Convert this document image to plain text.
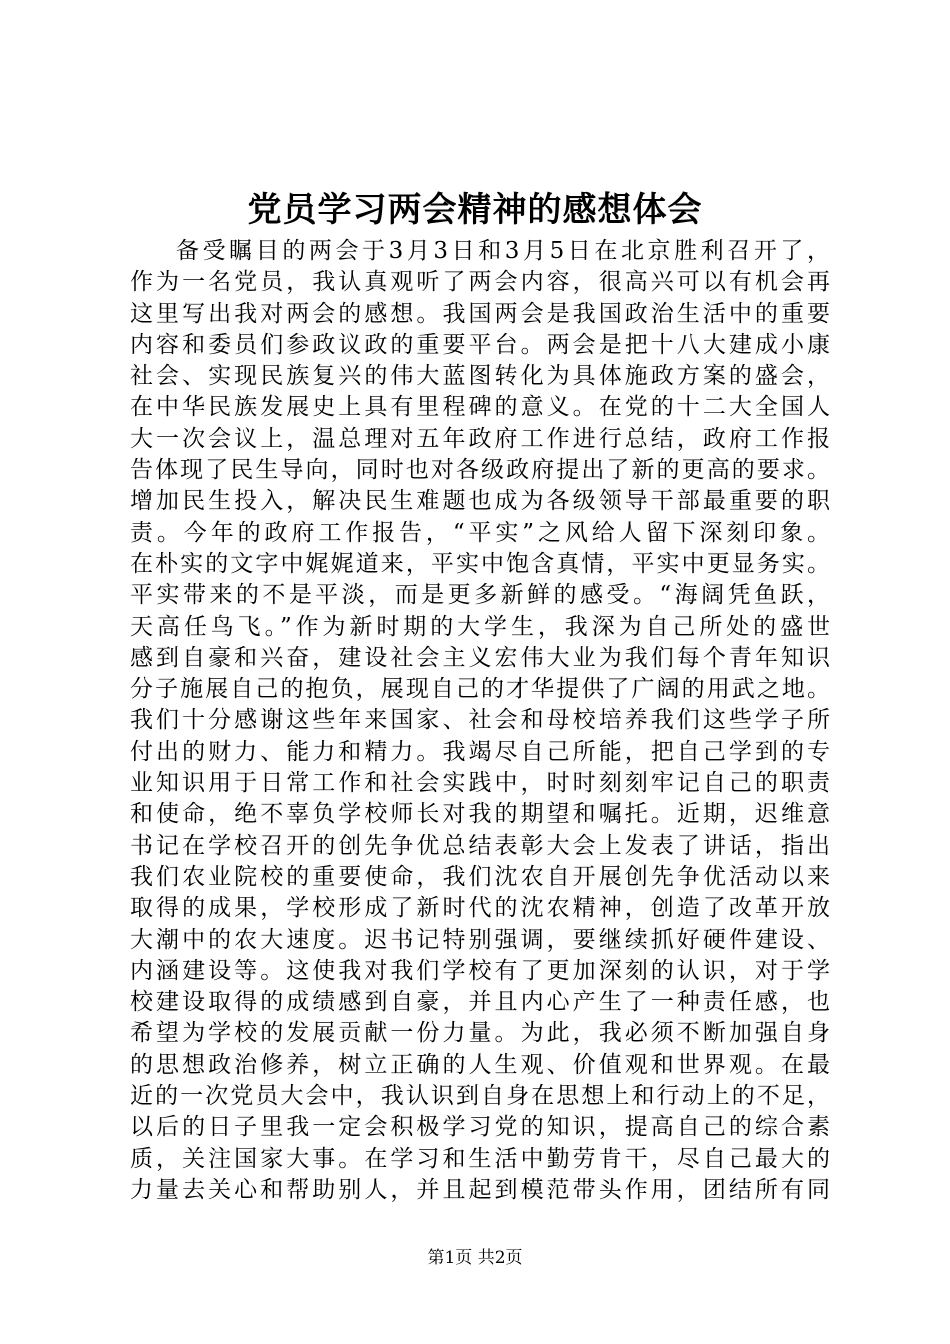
党员学习两会精神的感想体会
备受瞩目的两会于3月3日和3月5日在北京胜利召开了，
作为一名党员，我认真观听了两会内容，很高兴可以有机会再
这里写出我对两会的感想。我国两会是我国政治生活中的重要
内容和委员们参政议政的重要平台。两会是把十八大建成小康
社会、实现民族复兴的伟大蓝图转化为具体施政方案的盛会，
在中华民族发展史上具有里程碑的意义。在党的十二大全国人
大一次会议上，温总理对五年政府工作进行总结，政府工作报
告体现了民生导向，同时也对各级政府提出了新的更高的要求。
增加民生投入，解决民生难题也成为各级领导干部最重要的职
责。今年的政府工作报告，“平实”之风给人留下深刻印象。
在朴实的文字中娓娓道来，平实中饱含真情，平实中更显务实。
平实带来的不是平淡，而是更多新鲜的感受。“海阔凭鱼跃，
天高任鸟飞。”作为新时期的大学生，我深为自己所处的盛世
感到自豪和兴奋，建设社会主义宏伟大业为我们每个青年知识
分子施展自己的抱负，展现自己的才华提供了广阔的用武之地。
我们十分感谢这些年来国家、社会和母校培养我们这些学子所
付出的财力、能力和精力。我竭尽自己所能，把自己学到的专
业知识用于日常工作和社会实践中，时时刻刻牢记自己的职责
和使命，绝不辜负学校师长对我的期望和嘱托。近期，迟维意
书记在学校召开的创先争优总结表彰大会上发表了讲话，指出
我们农业院校的重要使命，我们沈农自开展创先争优活动以来
取得的成果，学校形成了新时代的沈农精神，创造了改革开放
大潮中的农大速度。迟书记特别强调，要继续抓好硬件建设、
内涵建设等。这使我对我们学校有了更加深刻的认识，对于学
校建设取得的成绩感到自豪，并且内心产生了一种责任感，也
希望为学校的发展贡献一份力量。为此，我必须不断加强自身
的思想政治修养，树立正确的人生观、价值观和世界观。在最
近的一次党员大会中，我认识到自身在思想上和行动上的不足，
以后的日子里我一定会积极学习党的知识，提高自己的综合素
质，关注国家大事。在学习和生活中勤劳肯干，尽自己最大的
力量去关心和帮助别人，并且起到模范带头作用，团结所有同
第1页 共2页
